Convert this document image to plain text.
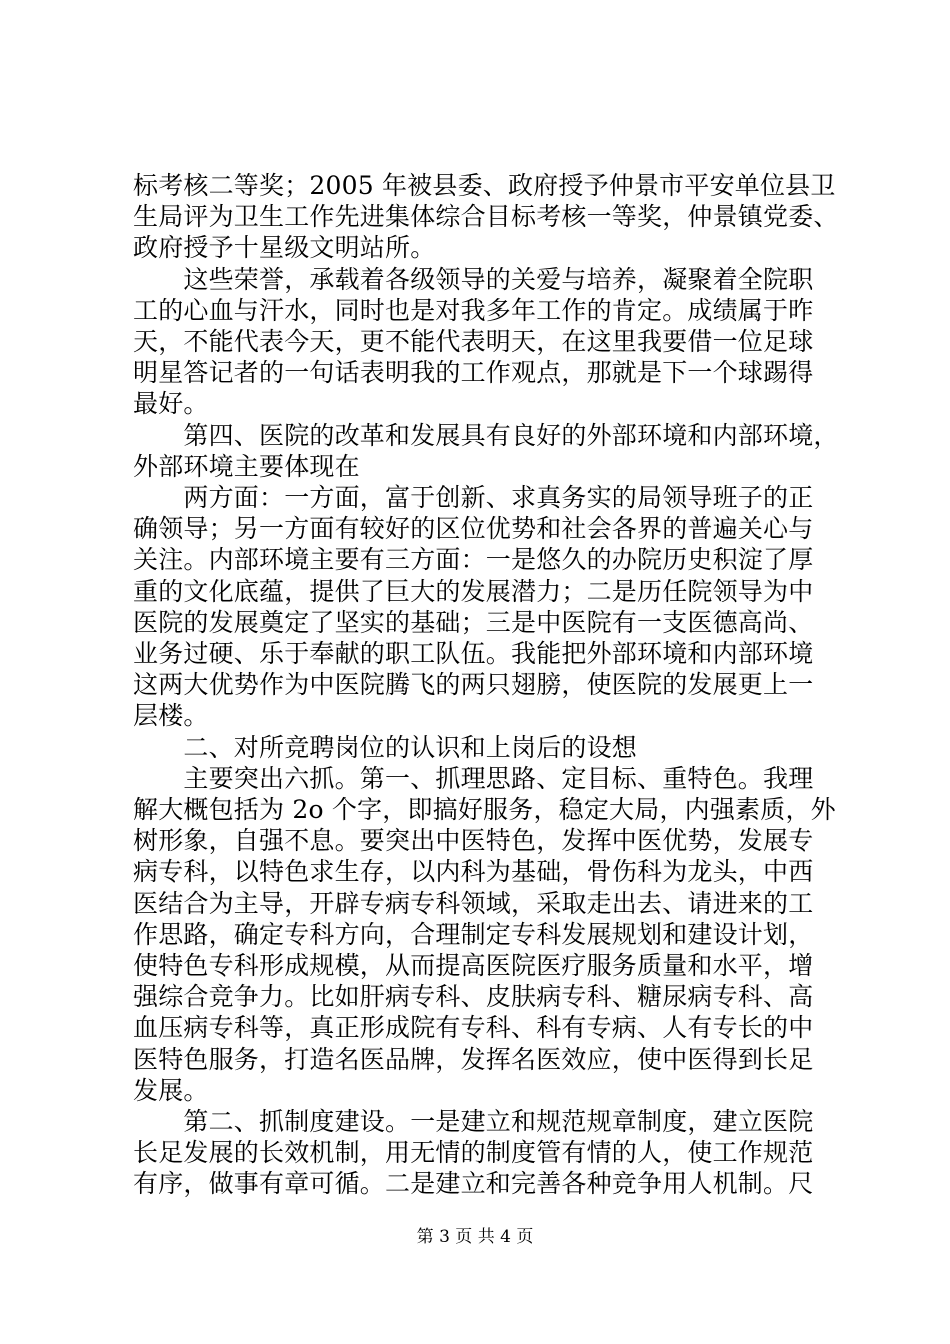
标考核二等奖；2005 年被县委、政府授予仲景市平安单位县卫
生局评为卫生工作先进集体综合目标考核一等奖，仲景镇党委、
政府授予十星级文明站所。
　　这些荣誉，承载着各级领导的关爱与培养，凝聚着全院职
工的心血与汗水，同时也是对我多年工作的肯定。成绩属于昨
天，不能代表今天，更不能代表明天，在这里我要借一位足球
明星答记者的一句话表明我的工作观点，那就是下一个球踢得
最好。
　　第四、医院的改革和发展具有良好的外部环境和内部环境，
外部环境主要体现在
　　两方面：一方面，富于创新、求真务实的局领导班子的正
确领导；另一方面有较好的区位优势和社会各界的普遍关心与
关注。内部环境主要有三方面：一是悠久的办院历史积淀了厚
重的文化底蕴，提供了巨大的发展潜力；二是历任院领导为中
医院的发展奠定了坚实的基础；三是中医院有一支医德高尚、
业务过硬、乐于奉献的职工队伍。我能把外部环境和内部环境
这两大优势作为中医院腾飞的两只翅膀，使医院的发展更上一
层楼。
　　二、对所竞聘岗位的认识和上岗后的设想
　　主要突出六抓。第一、抓理思路、定目标、重特色。我理
解大概包括为 2o 个字，即搞好服务，稳定大局，内强素质，外
树形象，自强不息。要突出中医特色，发挥中医优势，发展专
病专科，以特色求生存，以内科为基础，骨伤科为龙头，中西
医结合为主导，开辟专病专科领域，采取走出去、请进来的工
作思路，确定专科方向，合理制定专科发展规划和建设计划，
使特色专科形成规模，从而提高医院医疗服务质量和水平，增
强综合竞争力。比如肝病专科、皮肤病专科、糖尿病专科、高
血压病专科等，真正形成院有专科、科有专病、人有专长的中
医特色服务，打造名医品牌，发挥名医效应，使中医得到长足
发展。
　　第二、抓制度建设。一是建立和规范规章制度，建立医院
长足发展的长效机制，用无情的制度管有情的人，使工作规范
有序，做事有章可循。二是建立和完善各种竞争用人机制。尺
第 3 页 共 4 页
